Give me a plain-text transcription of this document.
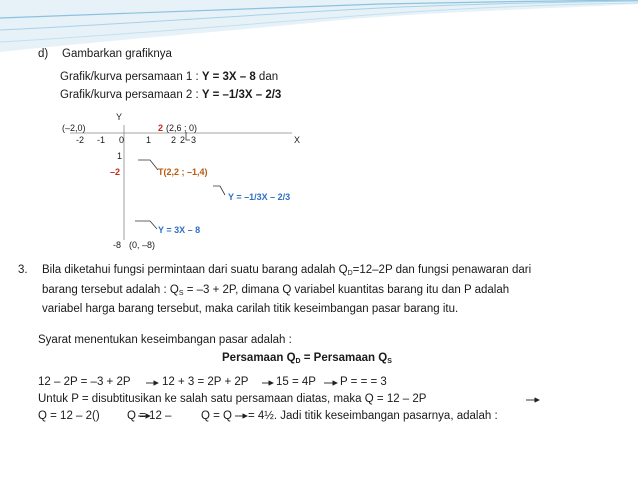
d) Gambarkan grafiknya
Grafik/kurva persamaan 1 : Y = 3X – 8 dan
Grafik/kurva persamaan 2 : Y = –1/3X – 2/3
Y
(–2,0)	2 (2,6 ; 0)
-2 -1 0 1 2 2 3	X
1
–2	T(2,2 ; –1,4)
Y = –1/3X – 2/3
Y = 3X – 8
-8 (0, –8)
3. Bila diketahui fungsi permintaan dari suatu barang adalah $Q_D=12-2P$ dan fungsi penawaran dari
barang tersebut adalah : $Q_S = -3 + 2P$, dimana Q variabel kuantitas barang itu dan P adalah
variabel harga barang tersebut, maka carilah titik keseimbangan pasar barang itu.
Syarat menentukan keseimbangan pasar adalah :
Persamaan $Q_D$ = Persamaan $Q_S$
12 – 2P = –3 + 2P	12 + 3 = 2P + 2P 15 = 4P P = = = 3
Untuk P = disubtitusikan ke salah satu persamaan diatas, maka Q = 12 – 2P
Q = 12 – 2() Q = 12 –	Q = Q = 4½. Jadi titik keseimbangan pasarnya, adalah :
